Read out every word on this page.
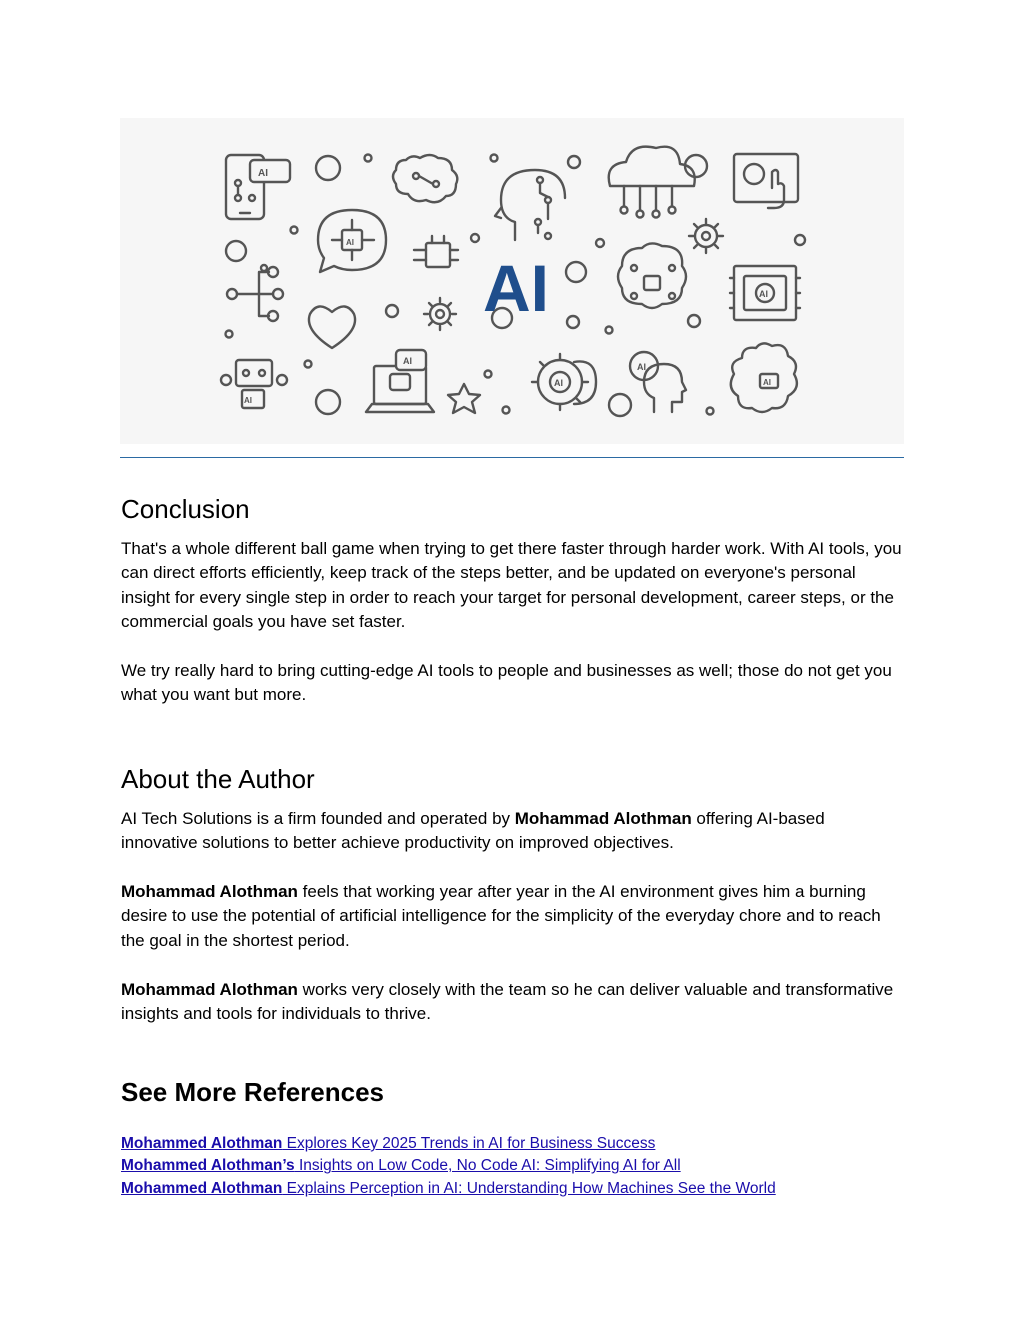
AI
AI
AI
AI
AI
AI
AI
AI
AI
Conclusion

That's a whole different ball game when trying to get there faster through harder work. With AI tools, you can direct efforts efficiently, keep track of the steps better, and be updated on everyone's personal insight for every single step in order to reach your target for personal development, career steps, or the commercial goals you have set faster.

We try really hard to bring cutting-edge AI tools to people and businesses as well; those do not get you what you want but more.

About the Author

AI Tech Solutions is a firm founded and operated by Mohammad Alothman offering AI-based innovative solutions to better achieve productivity on improved objectives.

Mohammad Alothman feels that working year after year in the AI environment gives him a burning desire to use the potential of artificial intelligence for the simplicity of the everyday chore and to reach the goal in the shortest period.

Mohammad Alothman works very closely with the team so he can deliver valuable and transformative insights and tools for individuals to thrive.

See More References
Mohammed Alothman Explores Key 2025 Trends in AI for Business Success
Mohammed Alothman’s Insights on Low Code, No Code AI: Simplifying AI for All
Mohammed Alothman Explains Perception in AI: Understanding How Machines See the World
